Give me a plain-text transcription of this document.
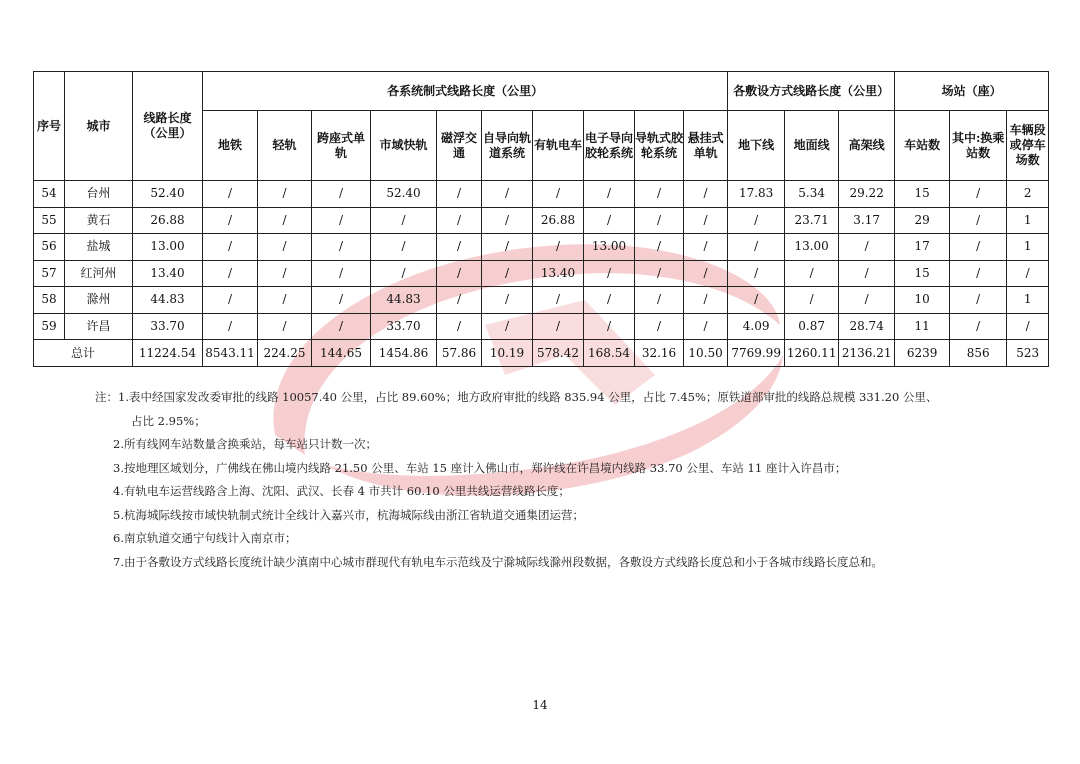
序号	城市	线路长度（公里）	各系统制式线路长度（公里）										各敷设方式线路长度（公里）			场站（座）		
			地铁	轻轨	跨座式单轨	市域快轨	磁浮交通	自导向轨道系统	有轨电车	电子导向胶轮系统	导轨式胶轮系统	悬挂式单轨	地下线	地面线	高架线	车站数	其中:换乘站数	车辆段或停车场数
54	台州	52.40	/	/	/	52.40	/	/	/	/	/	/	17.83	5.34	29.22	15	/	2
55	黄石	26.88	/	/	/	/	/	/	26.88	/	/	/	/	23.71	3.17	29	/	1
56	盐城	13.00	/	/	/	/	/	/	/	13.00	/	/	/	13.00	/	17	/	1
57	红河州	13.40	/	/	/	/	/	/	13.40	/	/	/	/	/	/	15	/	/
58	滁州	44.83	/	/	/	44.83	/	/	/	/	/	/	/	/	/	10	/	1
59	许昌	33.70	/	/	/	33.70	/	/	/	/	/	/	4.09	0.87	28.74	11	/	/
总计		11224.54	8543.11	224.25	144.65	1454.86	57.86	10.19	578.42	168.54	32.16	10.50	7769.99	1260.11	2136.21	6239	856	523
注：1.表中经国家发改委审批的线路 10057.40 公里，占比 89.60%；地方政府审批的线路 835.94 公里，占比 7.45%；原铁道部审批的线路总规模 331.20 公里、
占比 2.95%；
2.所有线网车站数量含换乘站，每车站只计数一次；
3.按地理区域划分，广佛线在佛山境内线路 21.50 公里、车站 15 座计入佛山市，郑许线在许昌境内线路 33.70 公里、车站 11 座计入许昌市；
4.有轨电车运营线路含上海、沈阳、武汉、长春 4 市共计 60.10 公里共线运营线路长度；
5.杭海城际线按市域快轨制式统计全线计入嘉兴市，杭海城际线由浙江省轨道交通集团运营；
6.南京轨道交通宁句线计入南京市；
7.由于各敷设方式线路长度统计缺少滇南中心城市群现代有轨电车示范线及宁滁城际线滁州段数据，各敷设方式线路长度总和小于各城市线路长度总和。
14
